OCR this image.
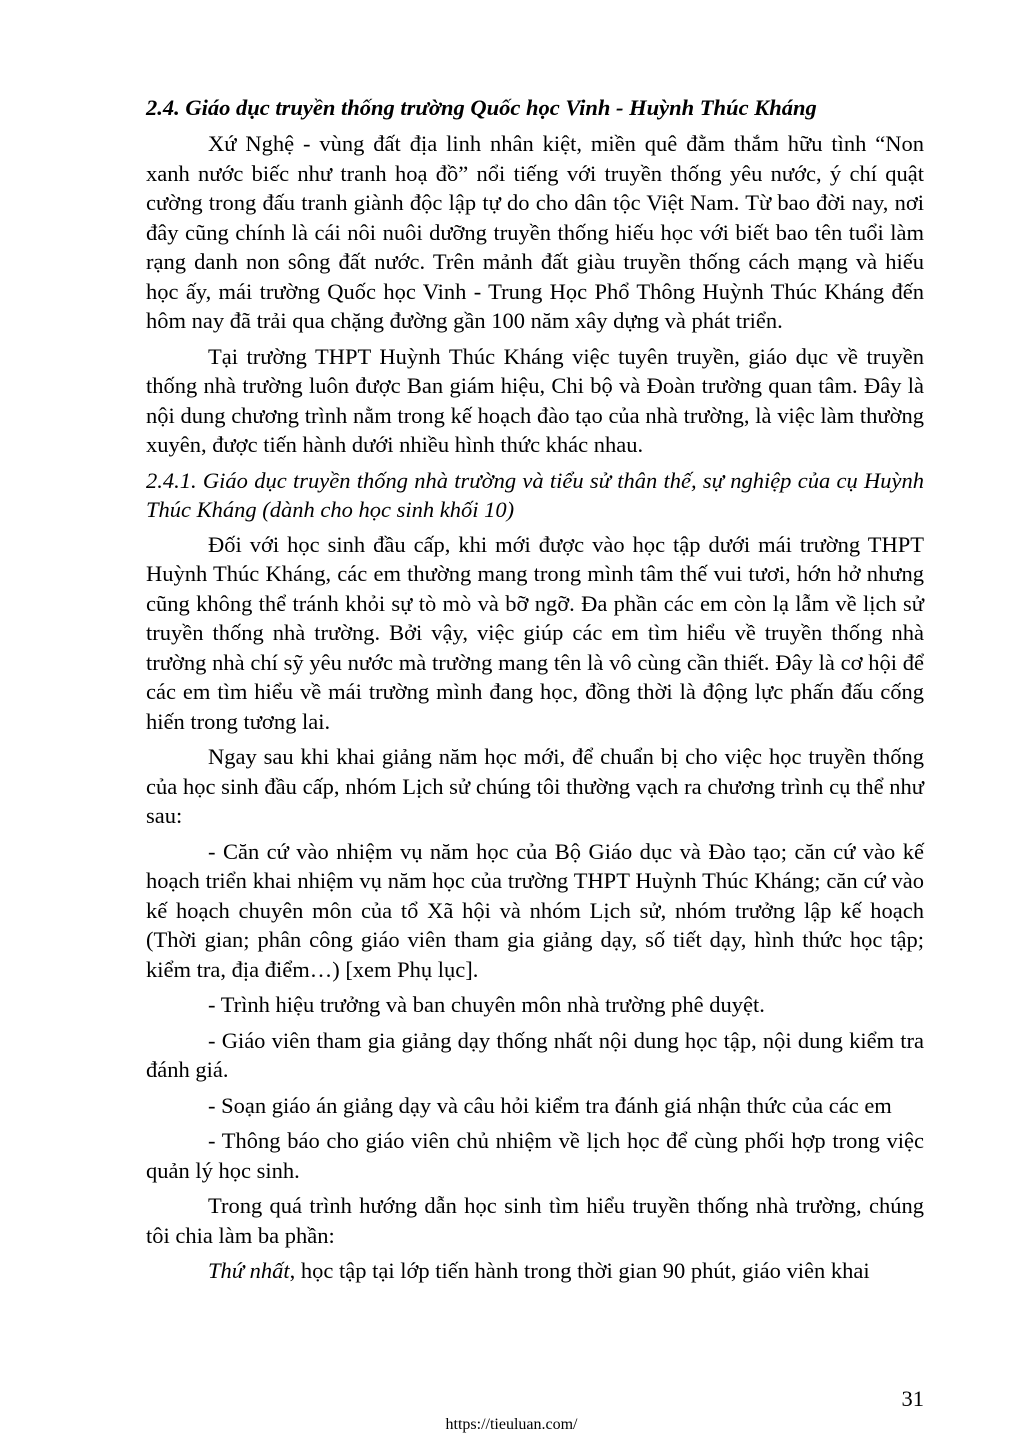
2.4. Giáo dục truyền thống trường Quốc học Vinh - Huỳnh Thúc Kháng

Xứ Nghệ - vùng đất địa linh nhân kiệt, miền quê đằm thắm hữu tình “Non xanh nước biếc như tranh hoạ đồ” nổi tiếng với truyền thống yêu nước, ý chí quật cường trong đấu tranh giành độc lập tự do cho dân tộc Việt Nam. Từ bao đời nay, nơi đây cũng chính là cái nôi nuôi dưỡng truyền thống hiếu học với biết bao tên tuổi làm rạng danh non sông đất nước. Trên mảnh đất giàu truyền thống cách mạng và hiếu học ấy, mái trường Quốc học Vinh - Trung Học Phổ Thông Huỳnh Thúc Kháng đến hôm nay đã trải qua chặng đường gần 100 năm xây dựng và phát triển.

Tại trường THPT Huỳnh Thúc Kháng việc tuyên truyền, giáo dục về truyền thống nhà trường luôn được Ban giám hiệu, Chi bộ và Đoàn trường quan tâm. Đây là nội dung chương trình nằm trong kế hoạch đào tạo của nhà trường, là việc làm thường xuyên, được tiến hành dưới nhiều hình thức khác nhau.

2.4.1. Giáo dục truyền thống nhà trường và tiểu sử thân thế, sự nghiệp của cụ Huỳnh Thúc Kháng (dành cho học sinh khối 10)

Đối với học sinh đầu cấp, khi mới được vào học tập dưới mái trường THPT Huỳnh Thúc Kháng, các em thường mang trong mình tâm thế vui tươi, hớn hở nhưng cũng không thể tránh khỏi sự tò mò và bỡ ngỡ. Đa phần các em còn lạ lẫm về lịch sử truyền thống nhà trường. Bởi vậy, việc giúp các em tìm hiểu về truyền thống nhà trường nhà chí sỹ yêu nước mà trường mang tên là vô cùng cần thiết. Đây là cơ hội để các em tìm hiểu về mái trường mình đang học, đồng thời là động lực phấn đấu cống hiến trong tương lai.

Ngay sau khi khai giảng năm học mới, để chuẩn bị cho việc học truyền thống của học sinh đầu cấp, nhóm Lịch sử chúng tôi thường vạch ra chương trình cụ thể như sau:

- Căn cứ vào nhiệm vụ năm học của Bộ Giáo dục và Đào tạo; căn cứ vào kế hoạch triển khai nhiệm vụ năm học của trường THPT Huỳnh Thúc Kháng; căn cứ vào kế hoạch chuyên môn của tổ Xã hội và nhóm Lịch sử, nhóm trưởng lập kế hoạch (Thời gian; phân công giáo viên tham gia giảng dạy, số tiết dạy, hình thức học tập; kiểm tra, địa điểm…) [xem Phụ lục].

- Trình hiệu trưởng và ban chuyên môn nhà trường phê duyệt.

- Giáo viên tham gia giảng dạy thống nhất nội dung học tập, nội dung kiểm tra đánh giá.

- Soạn giáo án giảng dạy và câu hỏi kiểm tra đánh giá nhận thức của các em

- Thông báo cho giáo viên chủ nhiệm về lịch học để cùng phối hợp trong việc quản lý học sinh.

Trong quá trình hướng dẫn học sinh tìm hiểu truyền thống nhà trường, chúng tôi chia làm ba phần:

Thứ nhất, học tập tại lớp tiến hành trong thời gian 90 phút, giáo viên khai

31
https://tieuluan.com/
